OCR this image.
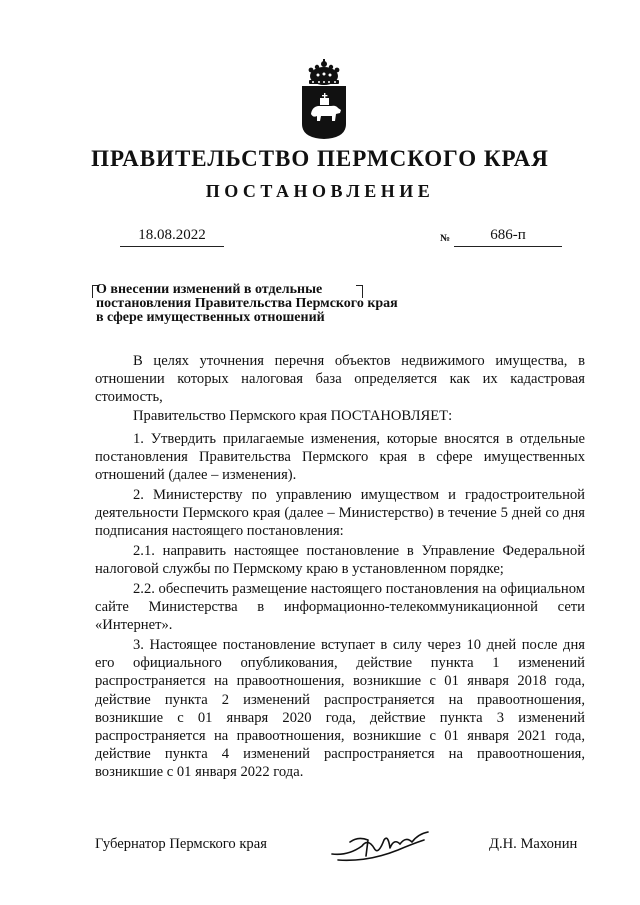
ПРАВИТЕЛЬСТВО ПЕРМСКОГО КРАЯ
ПОСТАНОВЛЕНИЕ
18.08.2022	№	686-п
О внесении изменений в отдельные
постановления Правительства Пермского края
в сфере имущественных отношений
В целях уточнения перечня объектов недвижимого имущества, в отношении которых налоговая база определяется как их кадастровая стоимость,
Правительство Пермского края ПОСТАНОВЛЯЕТ:
1. Утвердить прилагаемые изменения, которые вносятся в отдельные постановления Правительства Пермского края в сфере имущественных отношений (далее – изменения).
2. Министерству по управлению имуществом и градостроительной деятельности Пермского края (далее – Министерство) в течение 5 дней со дня подписания настоящего постановления:
2.1. направить настоящее постановление в Управление Федеральной налоговой службы по Пермскому краю в установленном порядке;
2.2. обеспечить размещение настоящего постановления на официальном сайте Министерства в информационно-телекоммуникационной сети «Интернет».
3. Настоящее постановление вступает в силу через 10 дней после дня его официального опубликования, действие пункта 1 изменений распространяется на правоотношения, возникшие с 01 января 2018 года, действие пункта 2 изменений распространяется на правоотношения, возникшие с 01 января 2020 года, действие пункта 3 изменений распространяется на правоотношения, возникшие с 01 января 2021 года, действие пункта 4 изменений распространяется на правоотношения, возникшие с 01 января 2022 года.
Губернатор Пермского края	Д.Н. Махонин
